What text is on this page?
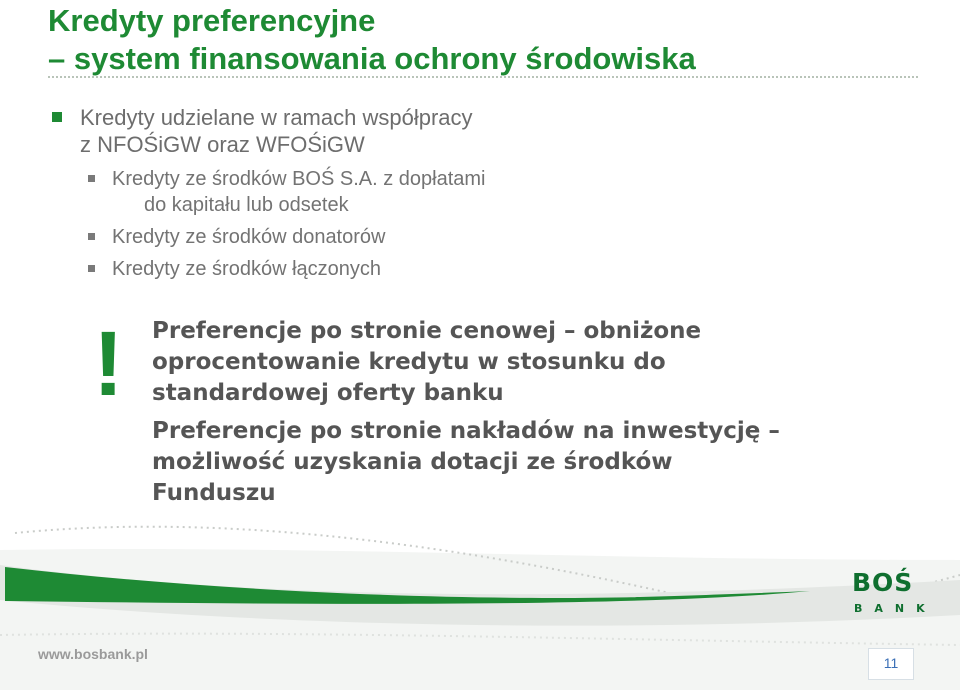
Kredyty preferencyjne
– system finansowania ochrony środowiska
Kredyty udzielane w ramach współpracy
z NFOŚiGW oraz WFOŚiGW
Kredyty ze środków BOŚ S.A. z dopłatami
do kapitału lub odsetek
Kredyty ze środków donatorów
Kredyty ze środków łączonych
! Preferencje po stronie cenowej – obniżone
oprocentowanie kredytu w stosunku do
standardowej oferty banku
Preferencje po stronie nakładów na inwestycję –
możliwość uzyskania dotacji ze środków
Funduszu
www.bosbank.pl
BOŚ
BANK
11
